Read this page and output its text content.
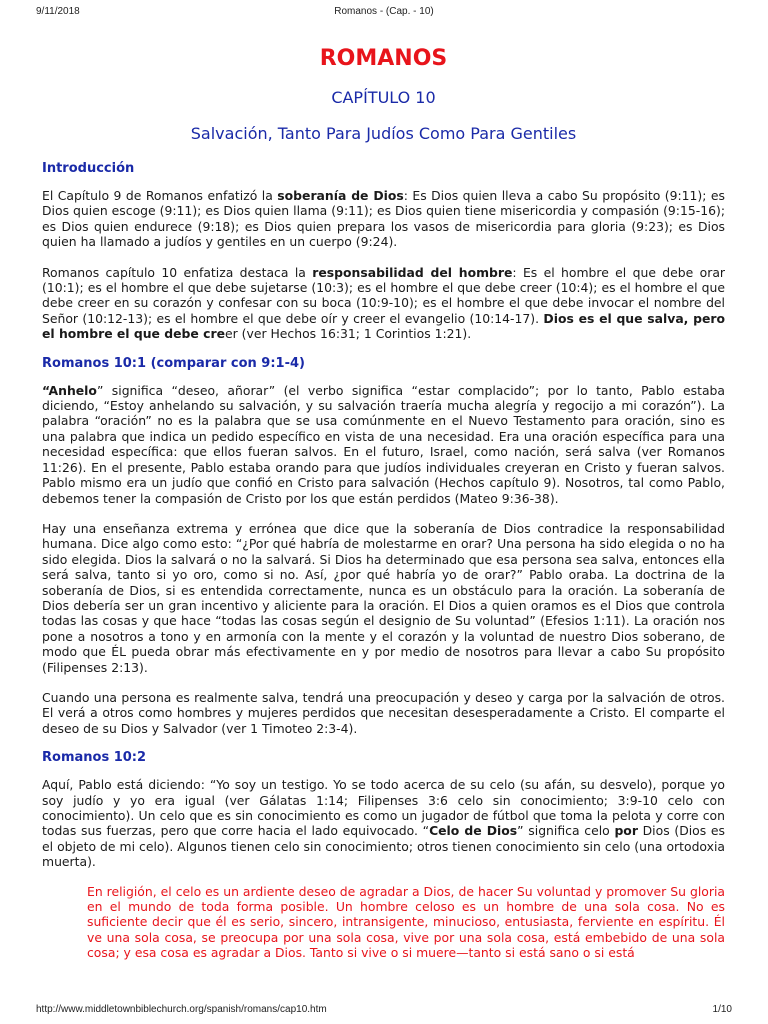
9/11/2018	Romanos - (Cap. - 10)
ROMANOS
CAPÍTULO 10
Salvación, Tanto Para Judíos Como Para Gentiles
Introducción

El Capítulo 9 de Romanos enfatizó la soberanía de Dios: Es Dios quien lleva a cabo Su propósito (9:11); es Dios quien escoge (9:11); es Dios quien llama (9:11); es Dios quien tiene misericordia y compasión (9:15-16); es Dios quien endurece (9:18); es Dios quien prepara los vasos de misericordia para gloria (9:23); es Dios quien ha llamado a judíos y gentiles en un cuerpo (9:24).

Romanos capítulo 10 enfatiza destaca la responsabilidad del hombre: Es el hombre el que debe orar (10:1); es el hombre el que debe sujetarse (10:3); es el hombre el que debe creer (10:4); es el hombre el que debe creer en su corazón y confesar con su boca (10:9-10); es el hombre el que debe invocar el nombre del Señor (10:12-13); es el hombre el que debe oír y creer el evangelio (10:14-17). Dios es el que salva, pero el hombre el que debe creer (ver Hechos 16:31; 1 Corintios 1:21).

Romanos 10:1 (comparar con 9:1-4)

“Anhelo” significa “deseo, añorar” (el verbo significa “estar complacido”; por lo tanto, Pablo estaba diciendo, “Estoy anhelando su salvación, y su salvación traería mucha alegría y regocijo a mi corazón”). La palabra “oración” no es la palabra que se usa comúnmente en el Nuevo Testamento para oración, sino es una palabra que indica un pedido específico en vista de una necesidad. Era una oración específica para una necesidad específica: que ellos fueran salvos. En el futuro, Israel, como nación, será salva (ver Romanos 11:26). En el presente, Pablo estaba orando para que judíos individuales creyeran en Cristo y fueran salvos. Pablo mismo era un judío que confió en Cristo para salvación (Hechos capítulo 9). Nosotros, tal como Pablo, debemos tener la compasión de Cristo por los que están perdidos (Mateo 9:36-38).

Hay una enseñanza extrema y errónea que dice que la soberanía de Dios contradice la responsabilidad humana. Dice algo como esto: “¿Por qué habría de molestarme en orar? Una persona ha sido elegida o no ha sido elegida. Dios la salvará o no la salvará. Si Dios ha determinado que esa persona sea salva, entonces ella será salva, tanto si yo oro, como si no. Así, ¿por qué habría yo de orar?” Pablo oraba. La doctrina de la soberanía de Dios, si es entendida correctamente, nunca es un obstáculo para la oración. La soberanía de Dios debería ser un gran incentivo y aliciente para la oración. El Dios a quien oramos es el Dios que controla todas las cosas y que hace “todas las cosas según el designio de Su voluntad” (Efesios 1:11). La oración nos pone a nosotros a tono y en armonía con la mente y el corazón y la voluntad de nuestro Dios soberano, de modo que ÉL pueda obrar más efectivamente en y por medio de nosotros para llevar a cabo Su propósito (Filipenses 2:13).

Cuando una persona es realmente salva, tendrá una preocupación y deseo y carga por la salvación de otros. El verá a otros como hombres y mujeres perdidos que necesitan desesperadamente a Cristo. El comparte el deseo de su Dios y Salvador (ver 1 Timoteo 2:3-4).

Romanos 10:2

Aquí, Pablo está diciendo: “Yo soy un testigo. Yo se todo acerca de su celo (su afán, su desvelo), porque yo soy judío y yo era igual (ver Gálatas 1:14; Filipenses 3:6 celo sin conocimiento; 3:9-10 celo con conocimiento). Un celo que es sin conocimiento es como un jugador de fútbol que toma la pelota y corre con todas sus fuerzas, pero que corre hacia el lado equivocado. “Celo de Dios” significa celo por Dios (Dios es el objeto de mi celo). Algunos tienen celo sin conocimiento; otros tienen conocimiento sin celo (una ortodoxia muerta).

En religión, el celo es un ardiente deseo de agradar a Dios, de hacer Su voluntad y promover Su gloria en el mundo de toda forma posible. Un hombre celoso es un hombre de una sola cosa. No es suficiente decir que él es serio, sincero, intransigente, minucioso, entusiasta, ferviente en espíritu. Él ve una sola cosa, se preocupa por una sola cosa, vive por una sola cosa, está embebido de una sola cosa; y esa cosa es agradar a Dios. Tanto si vive o si muere—tanto si está sano o si está

http://www.middletownbiblechurch.org/spanish/romans/cap10.htm	1/10
